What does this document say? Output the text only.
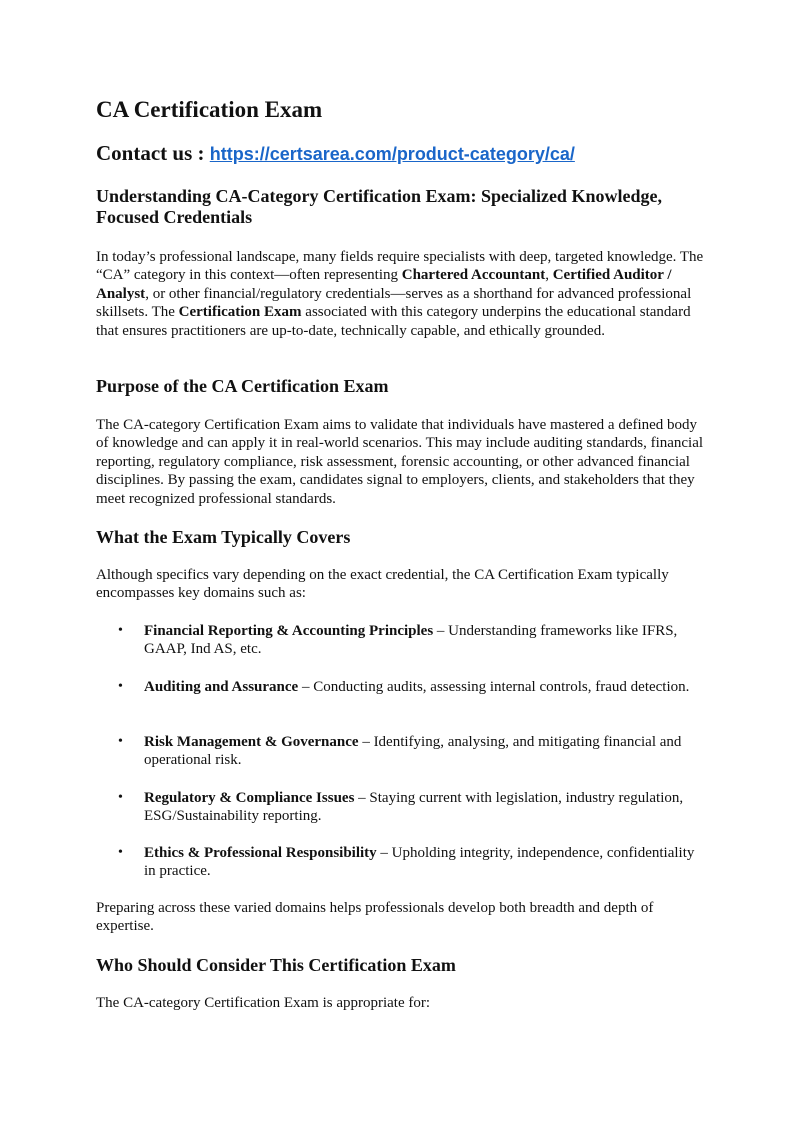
CA Certification Exam
Contact us : https://certsarea.com/product-category/ca/
Understanding CA-Category Certification Exam: Specialized Knowledge, Focused Credentials

In today’s professional landscape, many fields require specialists with deep, targeted knowledge. The “CA” category in this context—often representing Chartered Accountant, Certified Auditor / Analyst, or other financial/regulatory credentials—serves as a shorthand for advanced professional skillsets. The Certification Exam associated with this category underpins the educational standard that ensures practitioners are up-to-date, technically capable, and ethically grounded.

Purpose of the CA Certification Exam

The CA-category Certification Exam aims to validate that individuals have mastered a defined body of knowledge and can apply it in real-world scenarios. This may include auditing standards, financial reporting, regulatory compliance, risk assessment, forensic accounting, or other advanced financial disciplines. By passing the exam, candidates signal to employers, clients, and stakeholders that they meet recognized professional standards.

What the Exam Typically Covers

Although specifics vary depending on the exact credential, the CA Certification Exam typically encompasses key domains such as:

• Financial Reporting & Accounting Principles – Understanding frameworks like IFRS, GAAP, Ind AS, etc.
• Auditing and Assurance – Conducting audits, assessing internal controls, fraud detection.
• Risk Management & Governance – Identifying, analysing, and mitigating financial and operational risk.
• Regulatory & Compliance Issues – Staying current with legislation, industry regulation, ESG/Sustainability reporting.
• Ethics & Professional Responsibility – Upholding integrity, independence, confidentiality in practice.

Preparing across these varied domains helps professionals develop both breadth and depth of expertise.

Who Should Consider This Certification Exam

The CA-category Certification Exam is appropriate for:
